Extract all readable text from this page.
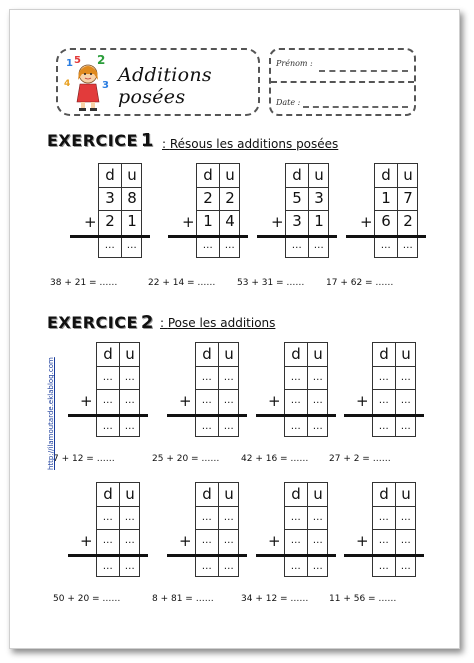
1 5 2
4	3 Additions posées
Prénom :
Date :
EXERCICE 1 : Résous les additions posées
d u
3 8
2 1
…	…
+
38 + 21 = ……
d u
2 2
1 4
…	…
+
22 + 14 = ……
d u
5 3
3 1
…	…
+
53 + 31 = ……
d u
1 7
6 2
…	…
+
17 + 62 = ……
EXERCICE 2 : Pose les additions
d u
…	…
…	…
…	…
+
7 + 12 = ……
d u
…	…
…	…
…	…
+
25 + 20 = ……
d u
…	…
…	…
…	…
+
42 + 16 = ……
d u
…	…
…	…
…	…
+
27 + 2 = ……
d u
…	…
…	…
…	…
+
50 + 20 = ……
d u
…	…
…	…
…	…
+
8 + 81 = ……
d u
…	…
…	…
…	…
+
34 + 12 = ……
d u
…	…
…	…
…	…
+
11 + 56 = ……
http://ilamoutarde.eklablog.com
